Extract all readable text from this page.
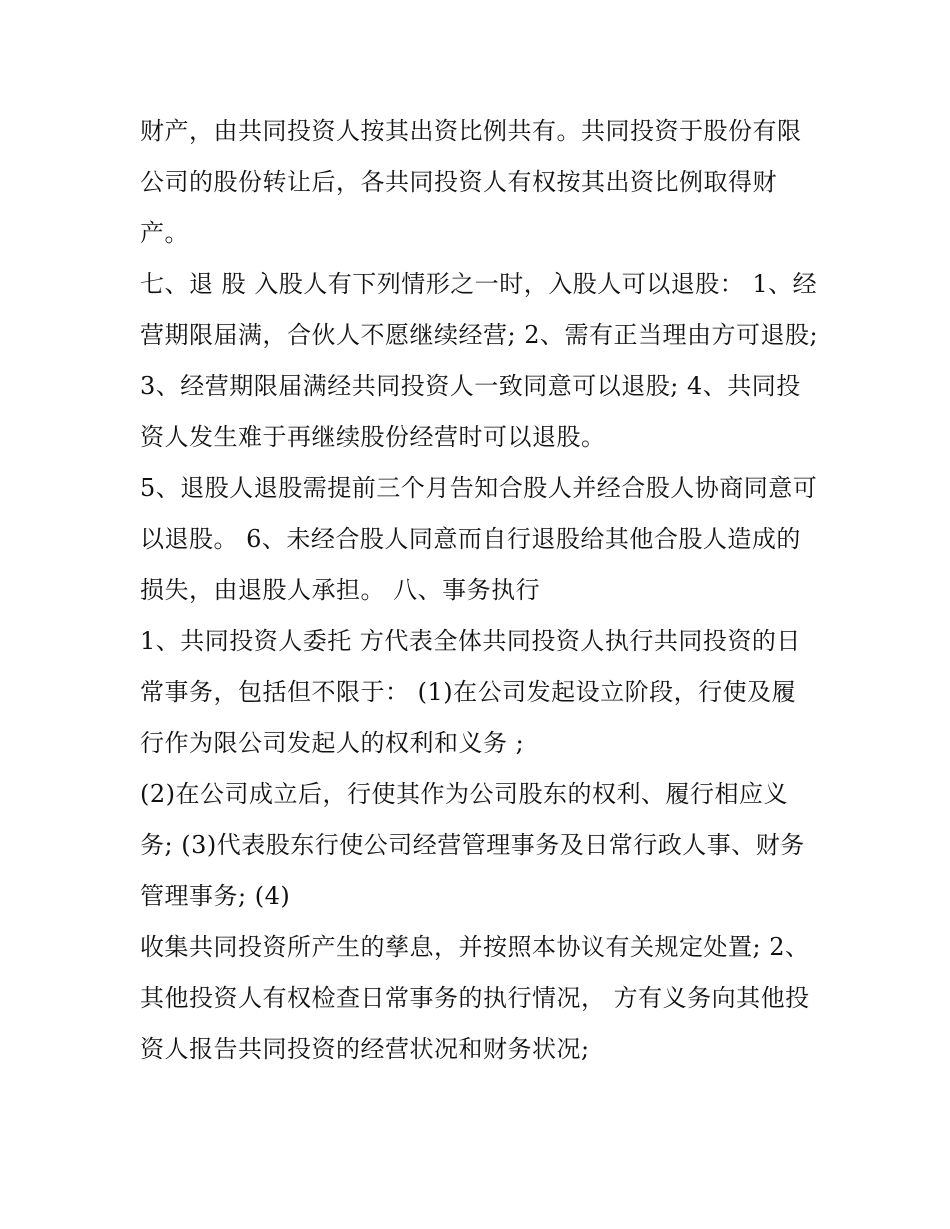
财产，由共同投资人按其出资比例共有。共同投资于股份有限公司的股份转让后，各共同投资人有权按其出资比例取得财产。

七、退 股 入股人有下列情形之一时，入股人可以退股： 1、经营期限届满，合伙人不愿继续经营; 2、需有正当理由方可退股;

3、经营期限届满经共同投资人一致同意可以退股; 4、共同投资人发生难于再继续股份经营时可以退股。

5、退股人退股需提前三个月告知合股人并经合股人协商同意可以退股。 6、未经合股人同意而自行退股给其他合股人造成的损失，由退股人承担。 八、事务执行

1、共同投资人委托 方代表全体共同投资人执行共同投资的日常事务，包括但不限于： (1)在公司发起设立阶段，行使及履行作为限公司发起人的权利和义务 ;

(2)在公司成立后，行使其作为公司股东的权利、履行相应义务; (3)代表股东行使公司经营管理事务及日常行政人事、财务管理事务; (4)

收集共同投资所产生的孳息，并按照本协议有关规定处置; 2、其他投资人有权检查日常事务的执行情况， 方有义务向其他投资人报告共同投资的经营状况和财务状况;
